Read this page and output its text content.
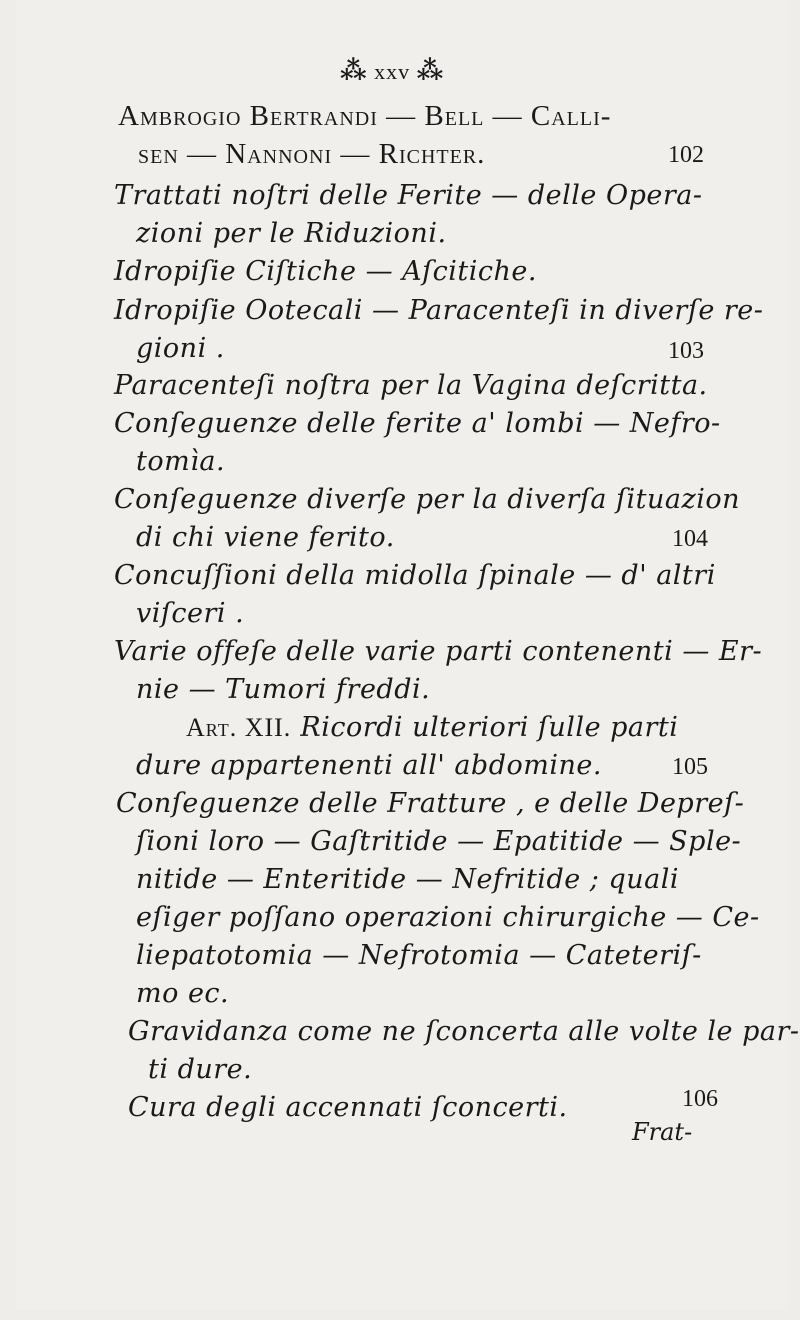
⁂ xxv ⁂
Ambrogio Bertrandi — Bell — Calli-
sen — Nannoni — Richter.	102
Trattati noſtri delle Ferite — delle Opera-
zioni per le Riduzioni.
Idropiſie Ciſtiche — Aſcitiche.
Idropiſie Ootecali — Paracenteſi in diverſe re-
gioni .	103
Paracenteſi noſtra per la Vagina deſcritta.
Conſeguenze delle ferite a' lombi — Nefro-
tomìa.
Conſeguenze diverſe per la diverſa ſituazion
di chi viene ferito.	104
Concuſſioni della midolla ſpinale — d' altri
viſceri .
Varie offeſe delle varie parti contenenti — Er-
nie — Tumori freddi.
Art. XII. Ricordi ulteriori ſulle parti
dure appartenenti all' abdomine.	105
Conſeguenze delle Fratture , e delle Depreſ-
ſioni loro — Gaſtritide — Epatitide — Sple-
nitide — Enteritide — Nefritide ; quali
eſiger poſſano operazioni chirurgiche — Ce-
liepatotomia — Nefrotomia — Cateteriſ-
mo ec.
Gravidanza come ne ſconcerta alle volte le par-
ti dure.
Cura degli accennati ſconcerti.	106
Frat-
